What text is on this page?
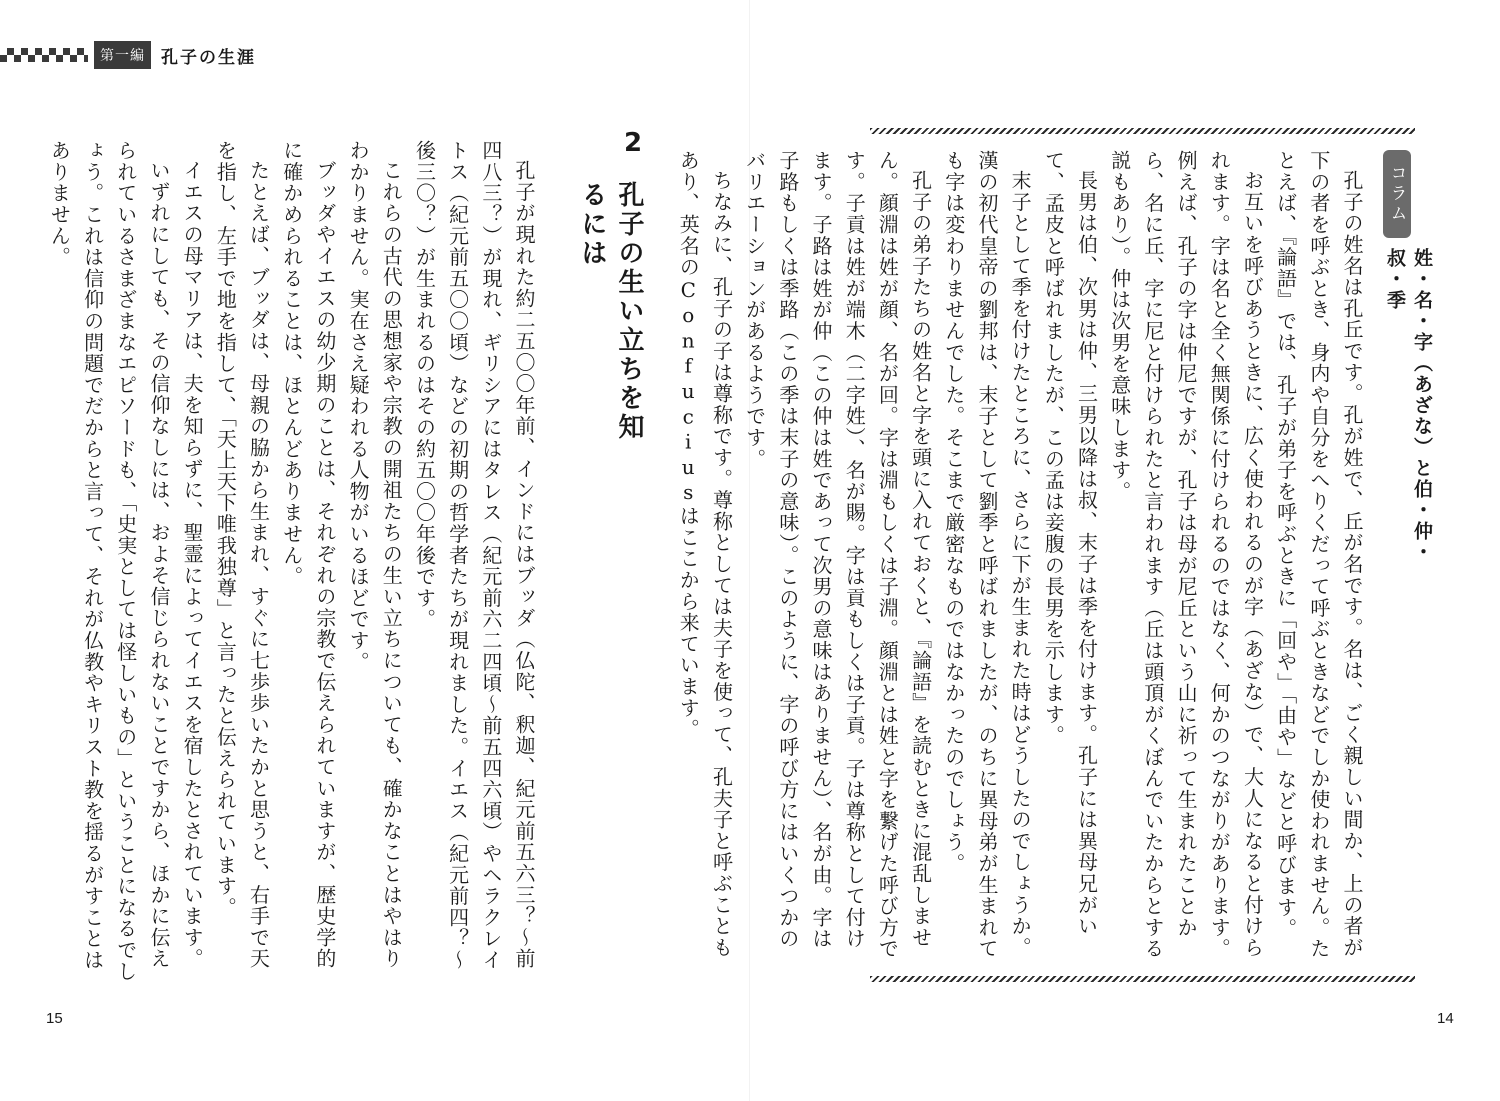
第一編 孔子の生涯
2
孔子の生い立ちを知るには

孔子が現れた約二五〇〇年前、インドにはブッダ（仏陀、釈迦、紀元前五六三？〜前四八三？）が現れ、ギリシアにはタレス（紀元前六二四頃〜前五四六頃）やヘラクレイトス（紀元前五〇〇頃）などの初期の哲学者たちが現れました。イエス（紀元前四？〜後三〇？）が生まれるのはその約五〇〇年後です。

これらの古代の思想家や宗教の開祖たちの生い立ちについても、確かなことはやはりわかりません。実在さえ疑われる人物がいるほどです。

ブッダやイエスの幼少期のことは、それぞれの宗教で伝えられていますが、歴史学的に確かめられることは、ほとんどありません。

たとえば、ブッダは、母親の脇から生まれ、すぐに七歩歩いたかと思うと、右手で天を指し、左手で地を指して、「天上天下唯我独尊」と言ったと伝えられています。

イエスの母マリアは、夫を知らずに、聖霊によってイエスを宿したとされています。

いずれにしても、その信仰なしには、およそ信じられないことですから、ほかに伝えられているさまざまなエピソードも、「史実としては怪しいもの」ということになるでしょう。これは信仰の問題でだからと言って、それが仏教やキリスト教を揺るがすことはありません。

15
コラム
姓・名・字（あざな）と伯・仲・叔・季

孔子の姓名は孔丘です。孔が姓で、丘が名です。名は、ごく親しい間か、上の者が下の者を呼ぶとき、身内や自分をへりくだって呼ぶときなどでしか使われません。たとえば、『論語』では、孔子が弟子を呼ぶときに「回や」「由や」などと呼びます。

お互いを呼びあうときに、広く使われるのが字（あざな）で、大人になると付けられます。字は名と全く無関係に付けられるのではなく、何かのつながりがあります。例えば、孔子の字は仲尼ですが、孔子は母が尼丘という山に祈って生まれたことから、名に丘、字に尼と付けられたと言われます（丘は頭頂がくぼんでいたからとする説もあり）。仲は次男を意味します。

長男は伯、次男は仲、三男以降は叔、末子は季を付けます。孔子には異母兄がいて、孟皮と呼ばれましたが、この孟は妾腹の長男を示します。

末子として季を付けたところに、さらに下が生まれた時はどうしたのでしょうか。漢の初代皇帝の劉邦は、末子として劉季と呼ばれましたが、のちに異母弟が生まれても字は変わりませんでした。そこまで厳密なものではなかったのでしょう。

孔子の弟子たちの姓名と字を頭に入れておくと、『論語』を読むときに混乱しません。顔淵は姓が顔、名が回。字は淵もしくは子淵。顔淵とは姓と字を繋げた呼び方です。子貢は姓が端木（二字姓）、名が賜。字は貢もしくは子貢。子は尊称として付けます。子路は姓が仲（この仲は姓であって次男の意味はありません）、名が由。字は子路もしくは季路（この季は末子の意味）。このように、字の呼び方にはいくつかのバリエーションがあるようです。

ちなみに、孔子の子は尊称です。尊称としては夫子を使って、孔夫子と呼ぶこともあり、英名のConfuciusはここから来ています。

14
